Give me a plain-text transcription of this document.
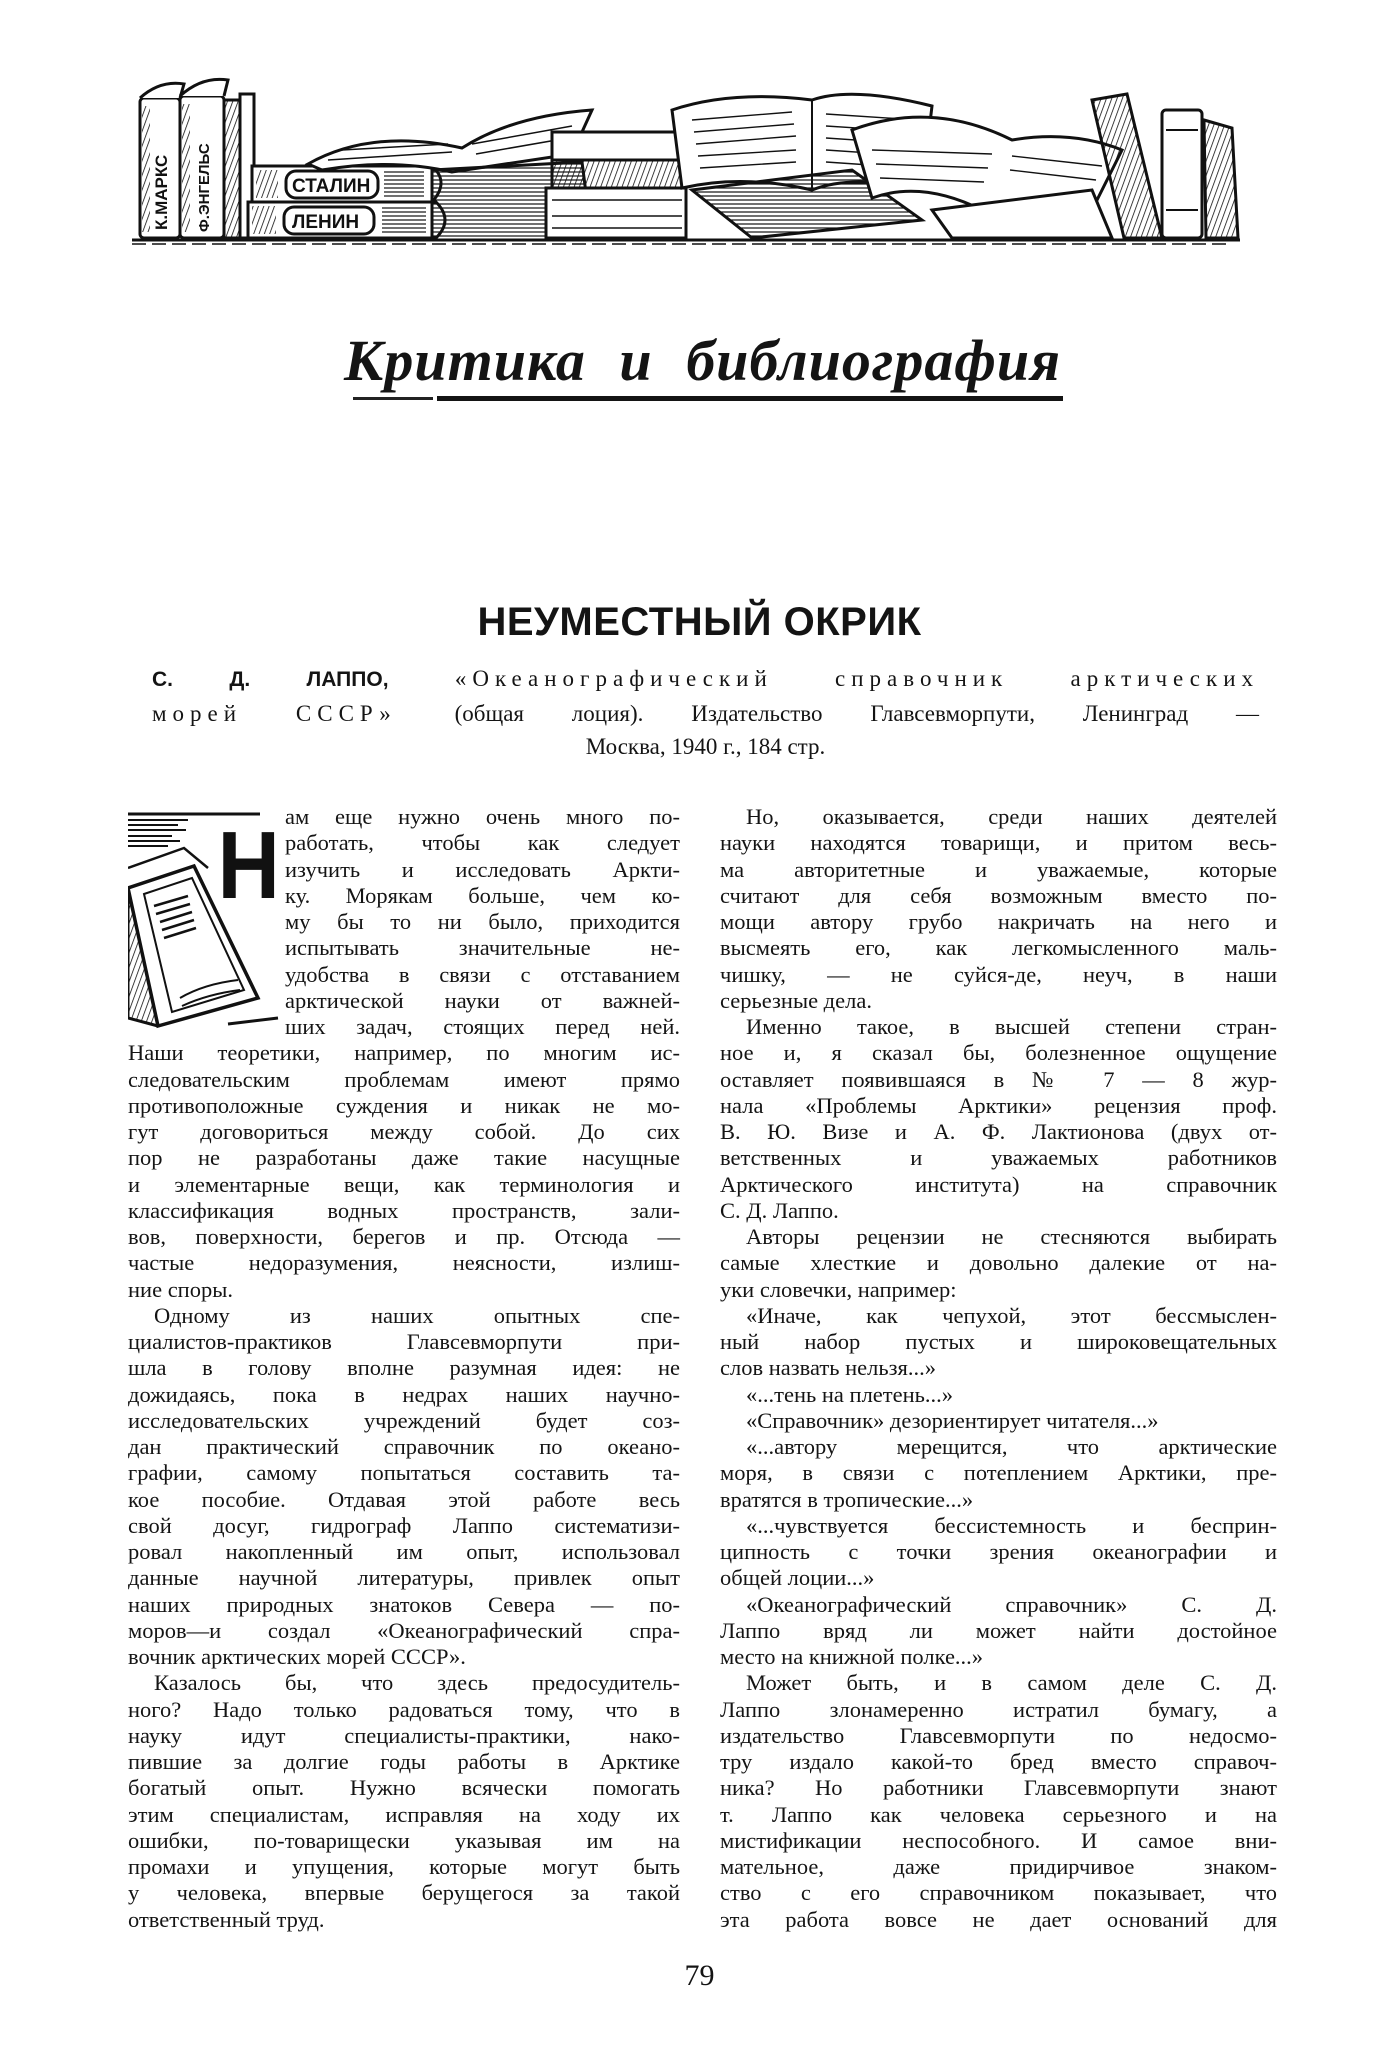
К.МАРКС Ф.ЭНГЕЛЬС	СТАЛИН
ЛЕНИН
Критика и библиография
НЕУМЕСТНЫЙ ОКРИК
С. Д. ЛАППО,	«Океанографический справочник арктических
морей СССР»	(общая лоция). Издательство Главсевморпути, Ленинград —
Москва, 1940 г., 184 стр.
Н ам еще нужно очень много по-
работать, чтобы как следует
изучить и исследовать Аркти-
ку. Морякам больше, чем ко-
му бы то ни было, приходится
испытывать значительные не-
удобства в связи с отставанием
арктической науки от важней-
ших задач, стоящих перед ней.
Наши теоретики, например, по многим ис-
следовательским проблемам имеют прямо
противоположные суждения и никак не мо-
гут договориться между собой. До сих
пор не разработаны даже такие насущные
и элементарные вещи, как терминология и
классификация водных пространств, зали-
вов, поверхности, берегов и пр. Отсюда —
частые недоразумения, неясности, излиш-
ние споры.
Одному из наших опытных спе-
циалистов-практиков Главсевморпути при-
шла в голову вполне разумная идея: не
дожидаясь, пока в недрах наших научно-
исследовательских учреждений будет соз-
дан практический справочник по океано-
графии, самому попытаться составить та-
кое пособие. Отдавая этой работе весь
свой досуг, гидрограф Лаппо систематизи-
ровал накопленный им опыт, использовал
данные научной литературы, привлек опыт
наших природных знатоков Севера — по-
моров—и создал «Океанографический спра-
вочник арктических морей СССР».
Казалось бы, что здесь предосудитель-
ного? Надо только радоваться тому, что в
науку идут специалисты-практики, нако-
пившие за долгие годы работы в Арктике
богатый опыт. Нужно всячески помогать
этим специалистам, исправляя на ходу их
ошибки, по-товарищески указывая им на
промахи и упущения, которые могут быть
у человека, впервые берущегося за такой
ответственный труд.
Но, оказывается, среди наших деятелей
науки находятся товарищи, и притом весь-
ма авторитетные и уважаемые, которые
считают для себя возможным вместо по-
мощи автору грубо накричать на него и
высмеять его, как легкомысленного маль-
чишку, — не суйся-де, неуч, в наши
серьезные дела.
Именно такое, в высшей степени стран-
ное и, я сказал бы, болезненное ощущение
оставляет появившаяся в № 7 — 8 жур-
нала «Проблемы Арктики» рецензия проф.
В. Ю. Визе и А. Ф. Лактионова (двух от-
ветственных и уважаемых работников
Арктического института) на справочник
С. Д. Лаппо.
Авторы рецензии не стесняются выбирать
самые хлесткие и довольно далекие от на-
уки словечки, например:
«Иначе, как чепухой, этот бессмыслен-
ный набор пустых и широковещательных
слов назвать нельзя...»
«...тень на плетень...»
«Справочник» дезориентирует читателя...»
«...автору мерещится, что арктические
моря, в связи с потеплением Арктики, пре-
вратятся в тропические...»
«...чувствуется бессистемность и бесприн-
ципность с точки зрения океанографии и
общей лоции...»
«Океанографический справочник» С. Д.
Лаппо вряд ли может найти достойное
место на книжной полке...»
Может быть, и в самом деле С. Д.
Лаппо злонамеренно истратил бумагу, а
издательство Главсевморпути по недосмо-
тру издало какой-то бред вместо справоч-
ника? Но работники Главсевморпути знают
т. Лаппо как человека серьезного и на
мистификации неспособного. И самое вни-
мательное, даже придирчивое знаком-
ство с его справочником показывает, что
эта работа вовсе не дает оснований для
79
